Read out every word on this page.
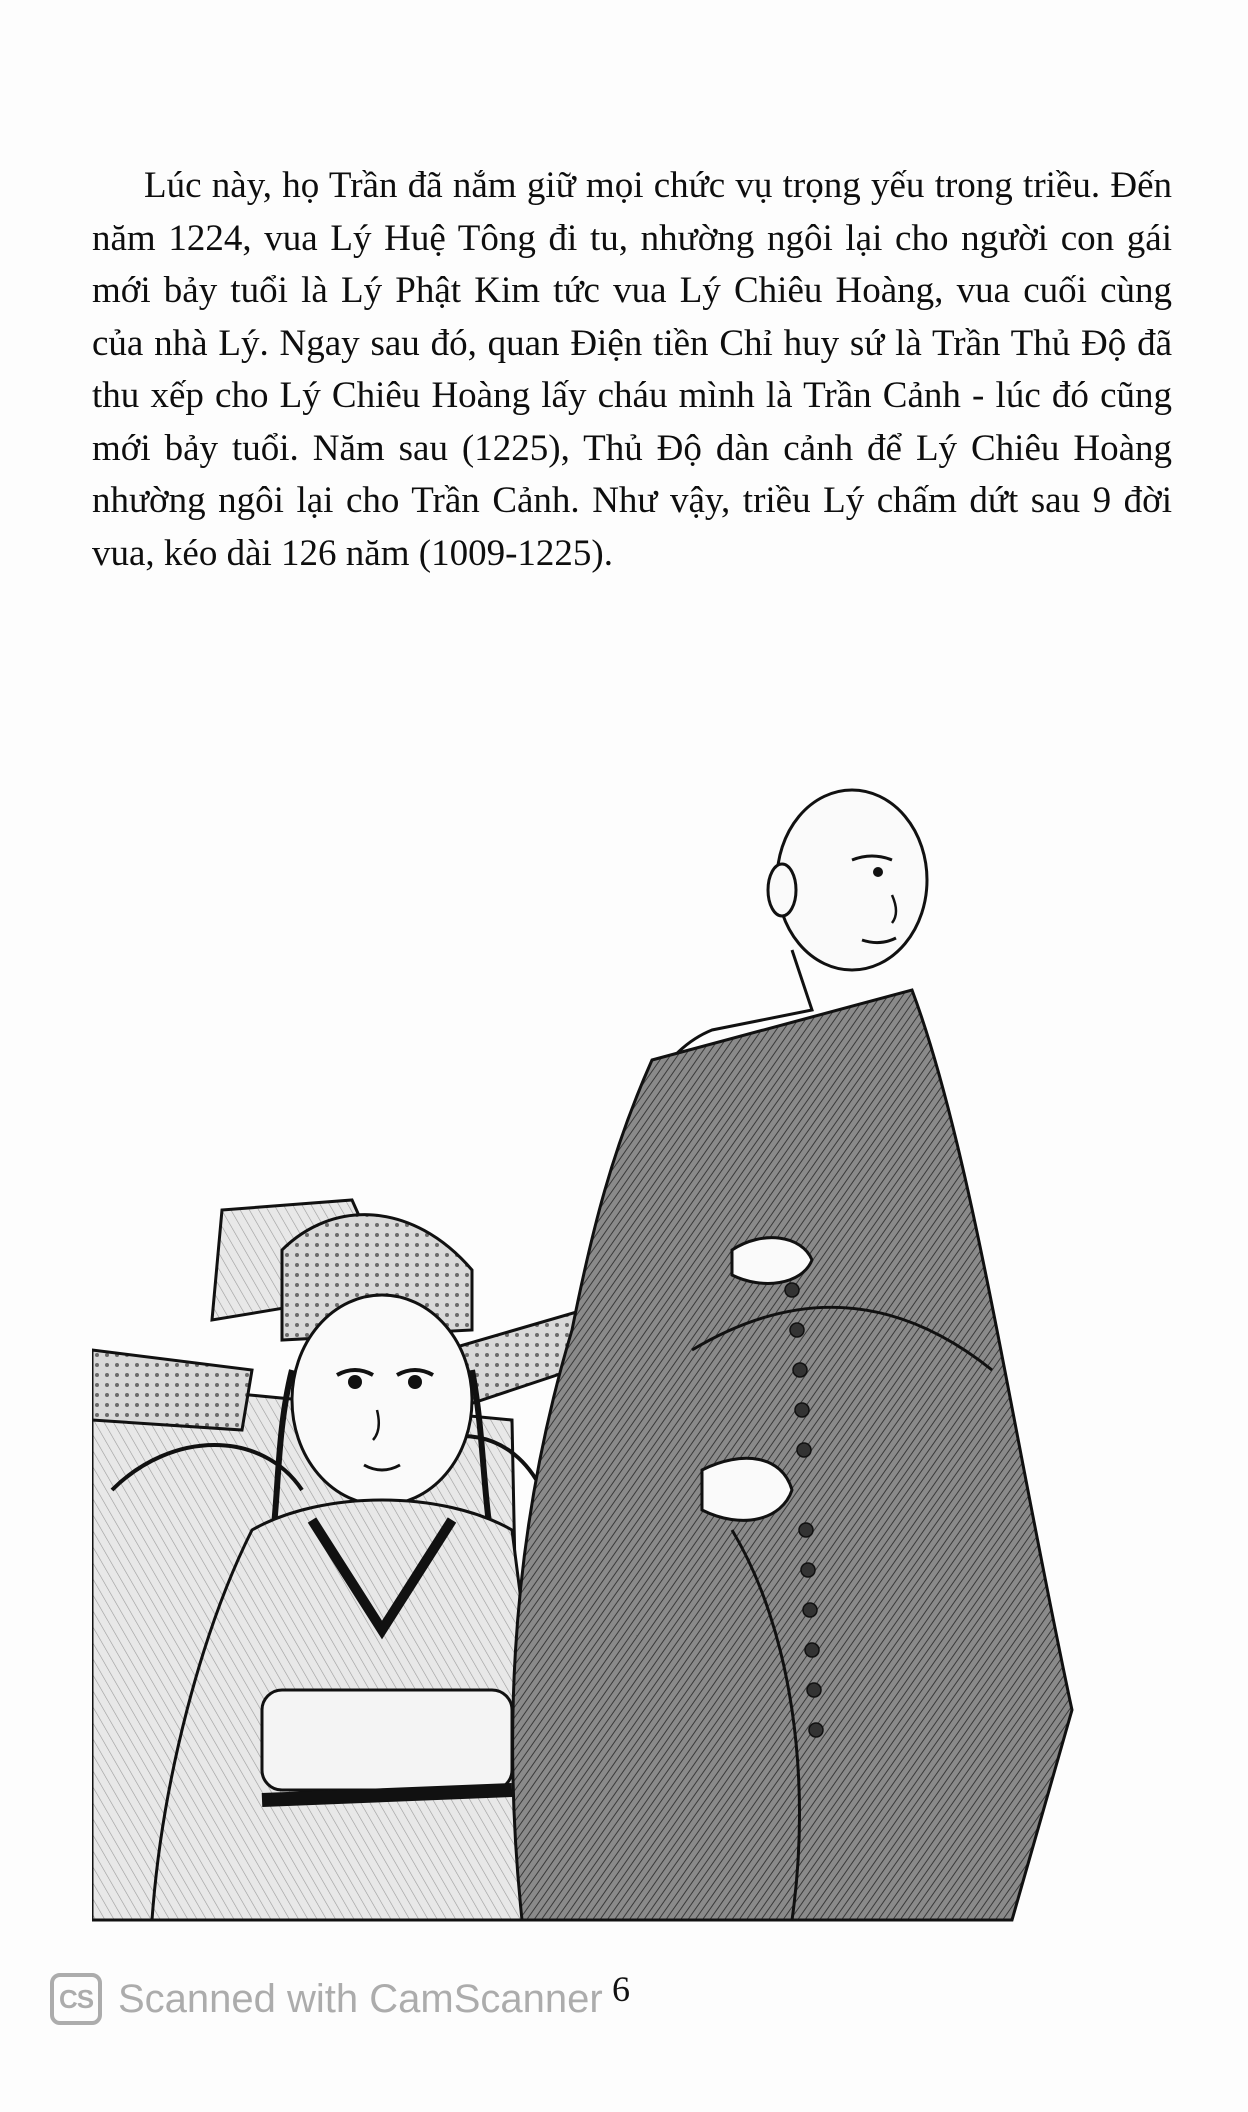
Lúc này, họ Trần đã nắm giữ mọi chức vụ trọng yếu trong triều. Đến năm 1224, vua Lý Huệ Tông đi tu, nhường ngôi lại cho người con gái mới bảy tuổi là Lý Phật Kim tức vua Lý Chiêu Hoàng, vua cuối cùng của nhà Lý. Ngay sau đó, quan Điện tiền Chỉ huy sứ là Trần Thủ Độ đã thu xếp cho Lý Chiêu Hoàng lấy cháu mình là Trần Cảnh - lúc đó cũng mới bảy tuổi. Năm sau (1225), Thủ Độ dàn cảnh để Lý Chiêu Hoàng nhường ngôi lại cho Trần Cảnh. Như vậy, triều Lý chấm dứt sau 9 đời vua, kéo dài 126 năm (1009-1225).

6
CS Scanned with CamScanner
